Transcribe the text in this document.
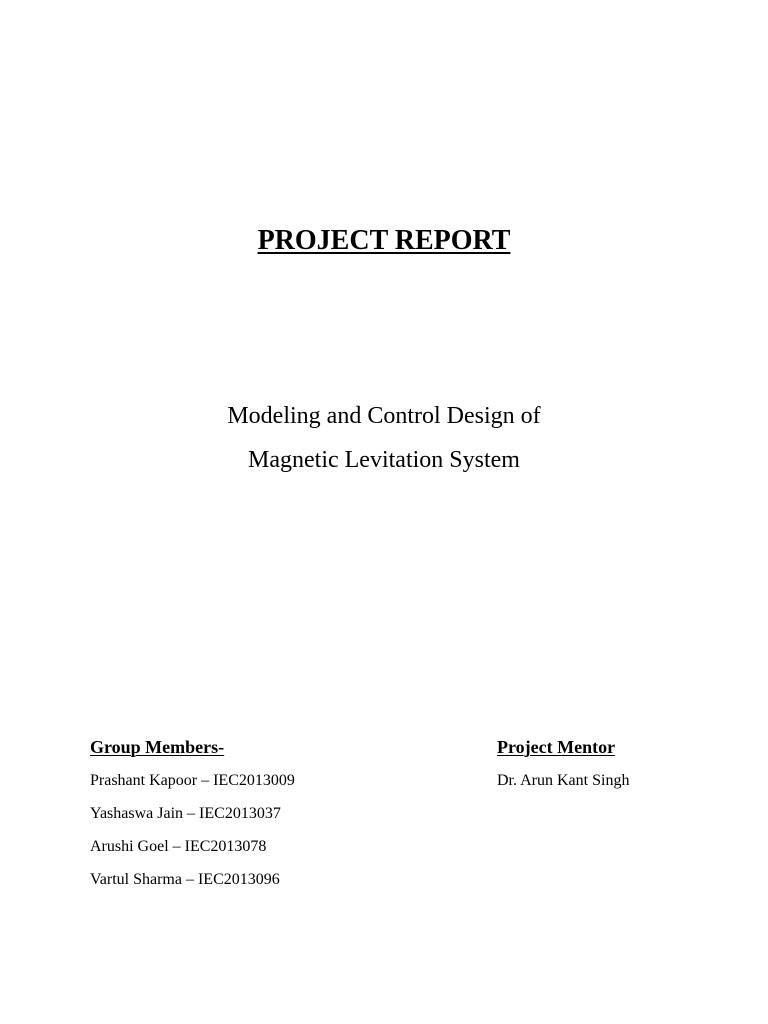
PROJECT REPORT

Modeling and Control Design of

Magnetic Levitation System

Group Members-	Project Mentor

Prashant Kapoor – IEC2013009

Yashaswa Jain – IEC2013037

Arushi Goel – IEC2013078

Vartul Sharma – IEC2013096

Dr. Arun Kant Singh
